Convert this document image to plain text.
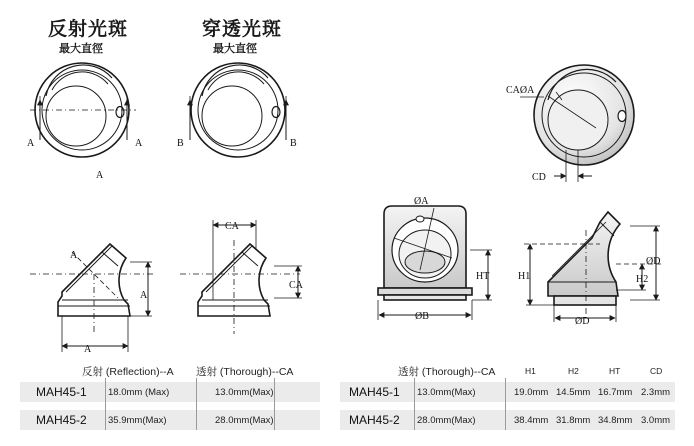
A	A
A
B	B
A
A
A
CA
CA
CAØA
CD
ØA
HT
ØB
H1	H2
ØD
ØD
反射光斑
最大直徑
穿透光斑
最大直徑
反射 (Reflection)--A 透射 (Thorough)--CA
MAH45-1 18.0mm (Max)	13.0mm(Max)
MAH45-2 35.9mm(Max)	28.0mm(Max)
透射 (Thorough)--CA	H1	H2	HT	CD
MAH45-1 13.0mm(Max)	19.0mm 14.5mm 16.7mm 2.3mm
MAH45-2 28.0mm(Max)	38.4mm 31.8mm 34.8mm 3.0mm
